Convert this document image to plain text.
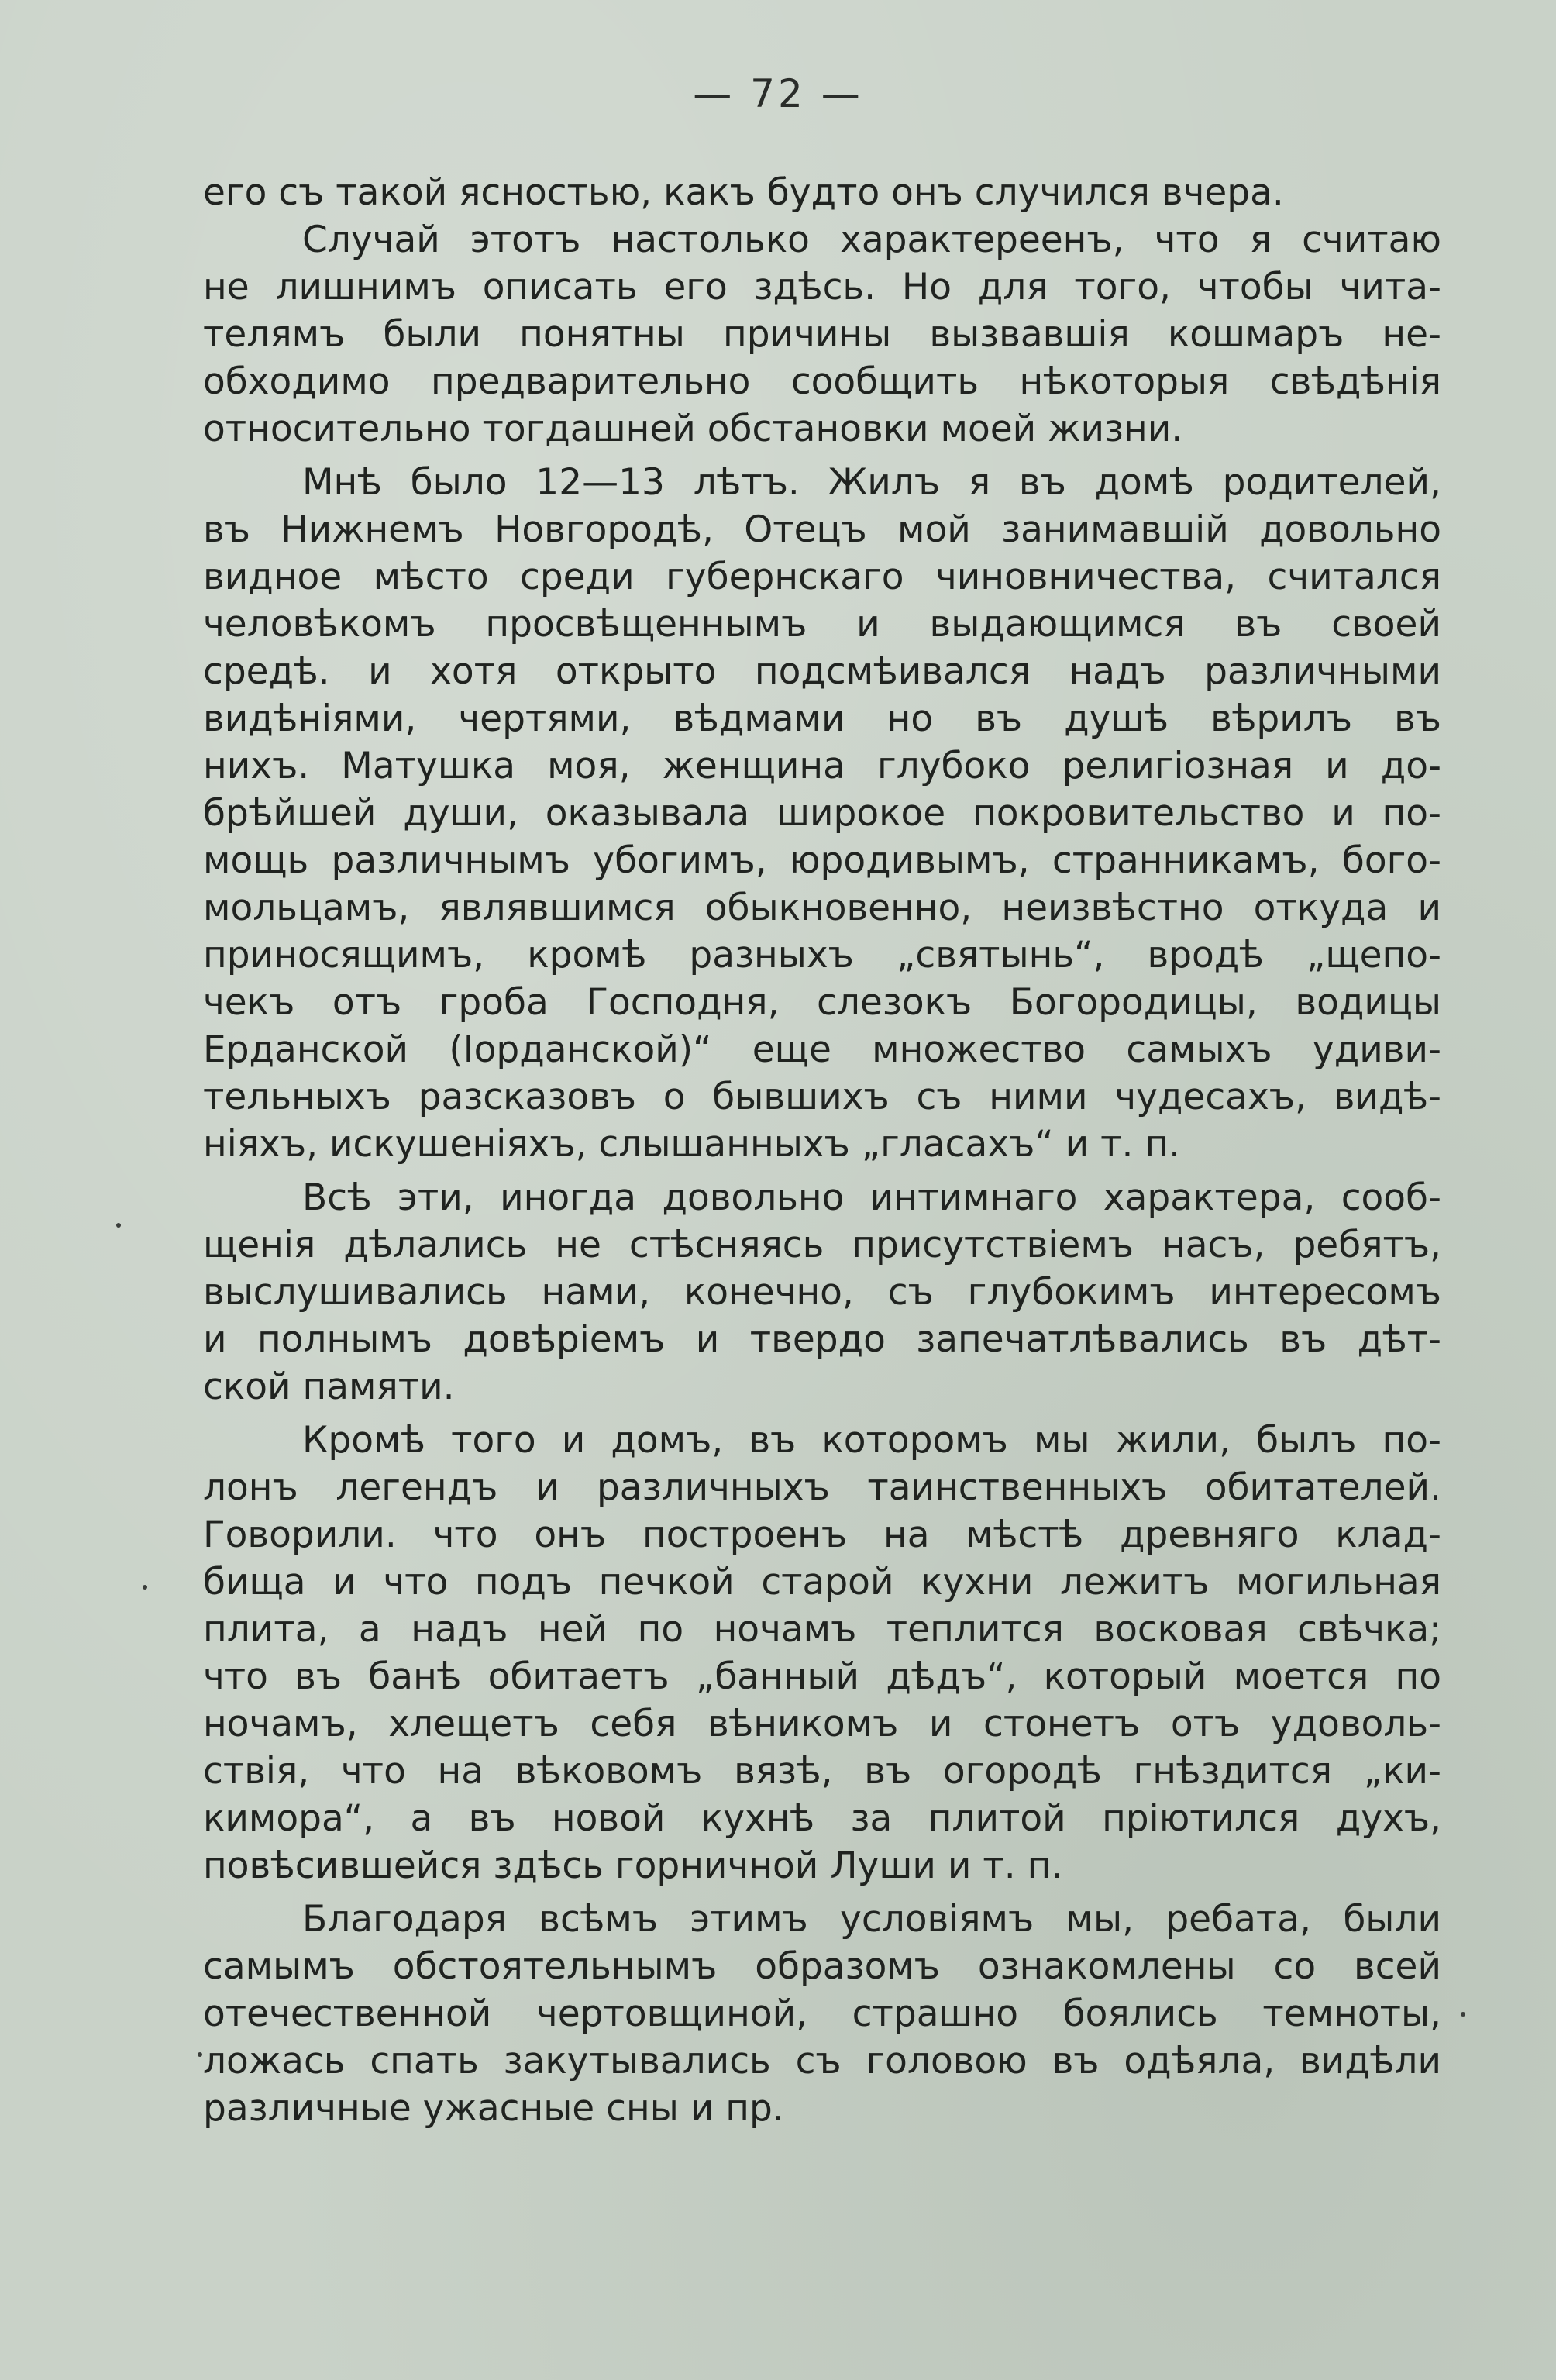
— 72 —
его съ такой ясностью, какъ будто онъ случился вчера.
Случай этотъ настолько характереенъ, что я считаю
не лишнимъ описать его здѣсь. Но для того, чтобы чита-
телямъ были понятны причины вызвавшія кошмаръ не-
обходимо предварительно сообщить нѣкоторыя свѣдѣнія
относительно тогдашней обстановки моей жизни.
Мнѣ было 12—13 лѣтъ. Жилъ я въ домѣ родителей,
въ Нижнемъ Новгородѣ, Отецъ мой занимавшій довольно
видное мѣсто среди губернскаго чиновничества, считался
человѣкомъ просвѣщеннымъ и выдающимся въ своей
средѣ. и хотя открыто подсмѣивался надъ различными
видѣніями, чертями, вѣдмами но въ душѣ вѣрилъ въ
нихъ. Матушка моя, женщина глубоко религіозная и до-
брѣйшей души, оказывала широкое покровительство и по-
мощь различнымъ убогимъ, юродивымъ, странникамъ, бого-
мольцамъ, являвшимся обыкновенно, неизвѣстно откуда и
приносящимъ, кромѣ разныхъ „святынь“, вродѣ „щепо-
чекъ отъ гроба Господня, слезокъ Богородицы, водицы
Ерданской (Іорданской)“ еще множество самыхъ удиви-
тельныхъ разсказовъ о бывшихъ съ ними чудесахъ, видѣ-
ніяхъ, искушеніяхъ, слышанныхъ „гласахъ“ и т. п.
Всѣ эти, иногда довольно интимнаго характера, сооб-
щенія дѣлались не стѣсняясь присутствіемъ насъ, ребятъ,
выслушивались нами, конечно, съ глубокимъ интересомъ
и полнымъ довѣріемъ и твердо запечатлѣвались въ дѣт-
ской памяти.
Кромѣ того и домъ, въ которомъ мы жили, былъ по-
лонъ легендъ и различныхъ таинственныхъ обитателей.
Говорили. что онъ построенъ на мѣстѣ древняго клад-
бища и что подъ печкой старой кухни лежитъ могильная
плита, а надъ ней по ночамъ теплится восковая свѣчка;
что въ банѣ обитаетъ „банный дѣдъ“, который моется по
ночамъ, хлещетъ себя вѣникомъ и стонетъ отъ удоволь-
ствія, что на вѣковомъ вязѣ, въ огородѣ гнѣздится „ки-
кимора“, а въ новой кухнѣ за плитой пріютился духъ,
повѣсившейся здѣсь горничной Луши и т. п.
Благодаря всѣмъ этимъ условіямъ мы, ребата, были
самымъ обстоятельнымъ образомъ ознакомлены со всей
отечественной чертовщиной, страшно боялись темноты,
ложась спать закутывались съ головою въ одѣяла, видѣли
различные ужасные сны и пр.
